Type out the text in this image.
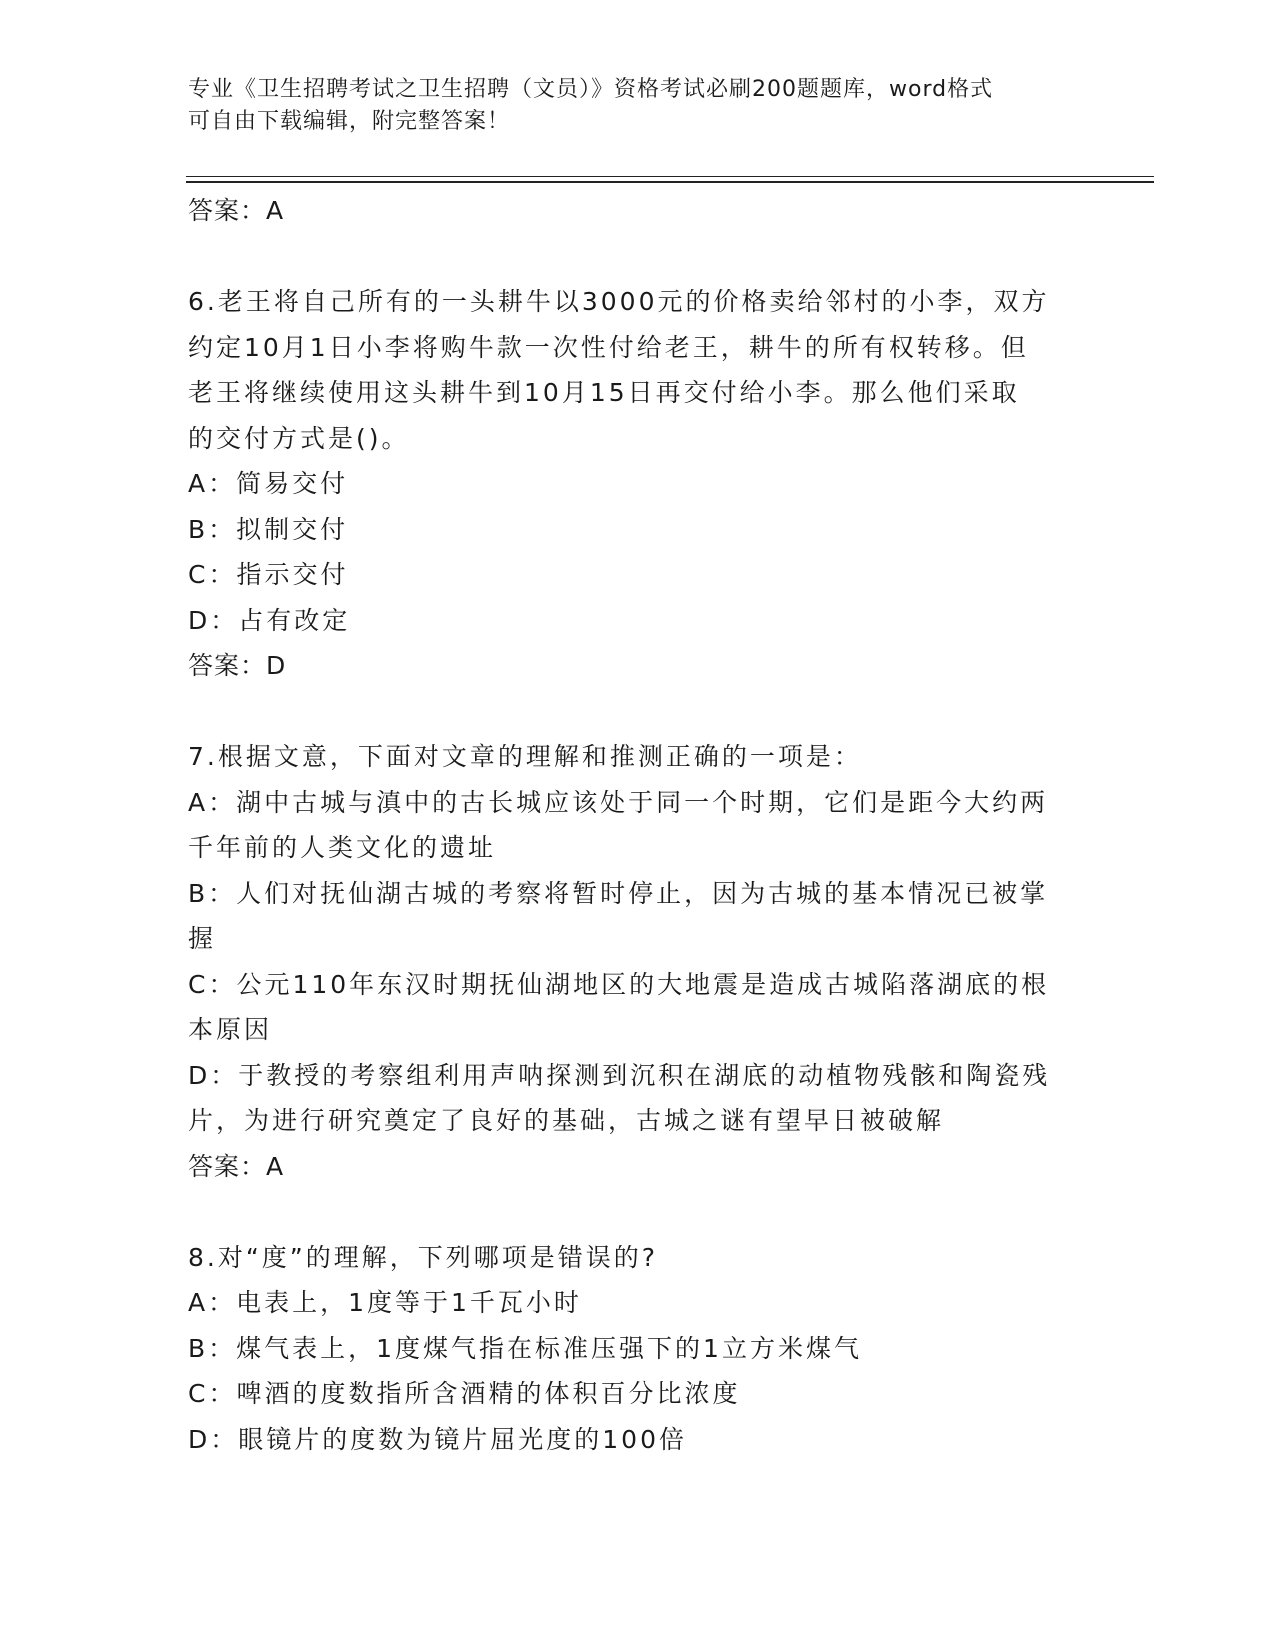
专业《卫生招聘考试之卫生招聘（文员）》资格考试必刷200题题库，word格式
可自由下载编辑，附完整答案！
答案：A
6.老王将自己所有的一头耕牛以3000元的价格卖给邻村的小李，双方
约定10月1日小李将购牛款一次性付给老王，耕牛的所有权转移。但
老王将继续使用这头耕牛到10月15日再交付给小李。那么他们采取
的交付方式是()。
A：简易交付
B：拟制交付
C：指示交付
D：占有改定
答案：D
7.根据文意，下面对文章的理解和推测正确的一项是：
A：湖中古城与滇中的古长城应该处于同一个时期，它们是距今大约两
千年前的人类文化的遗址
B：人们对抚仙湖古城的考察将暂时停止，因为古城的基本情况已被掌
握
C：公元110年东汉时期抚仙湖地区的大地震是造成古城陷落湖底的根
本原因
D：于教授的考察组利用声呐探测到沉积在湖底的动植物残骸和陶瓷残
片，为进行研究奠定了良好的基础，古城之谜有望早日被破解
答案：A
8.对“度”的理解，下列哪项是错误的?
A：电表上，1度等于1千瓦小时
B：煤气表上，1度煤气指在标准压强下的1立方米煤气
C：啤酒的度数指所含酒精的体积百分比浓度
D：眼镜片的度数为镜片屈光度的100倍
